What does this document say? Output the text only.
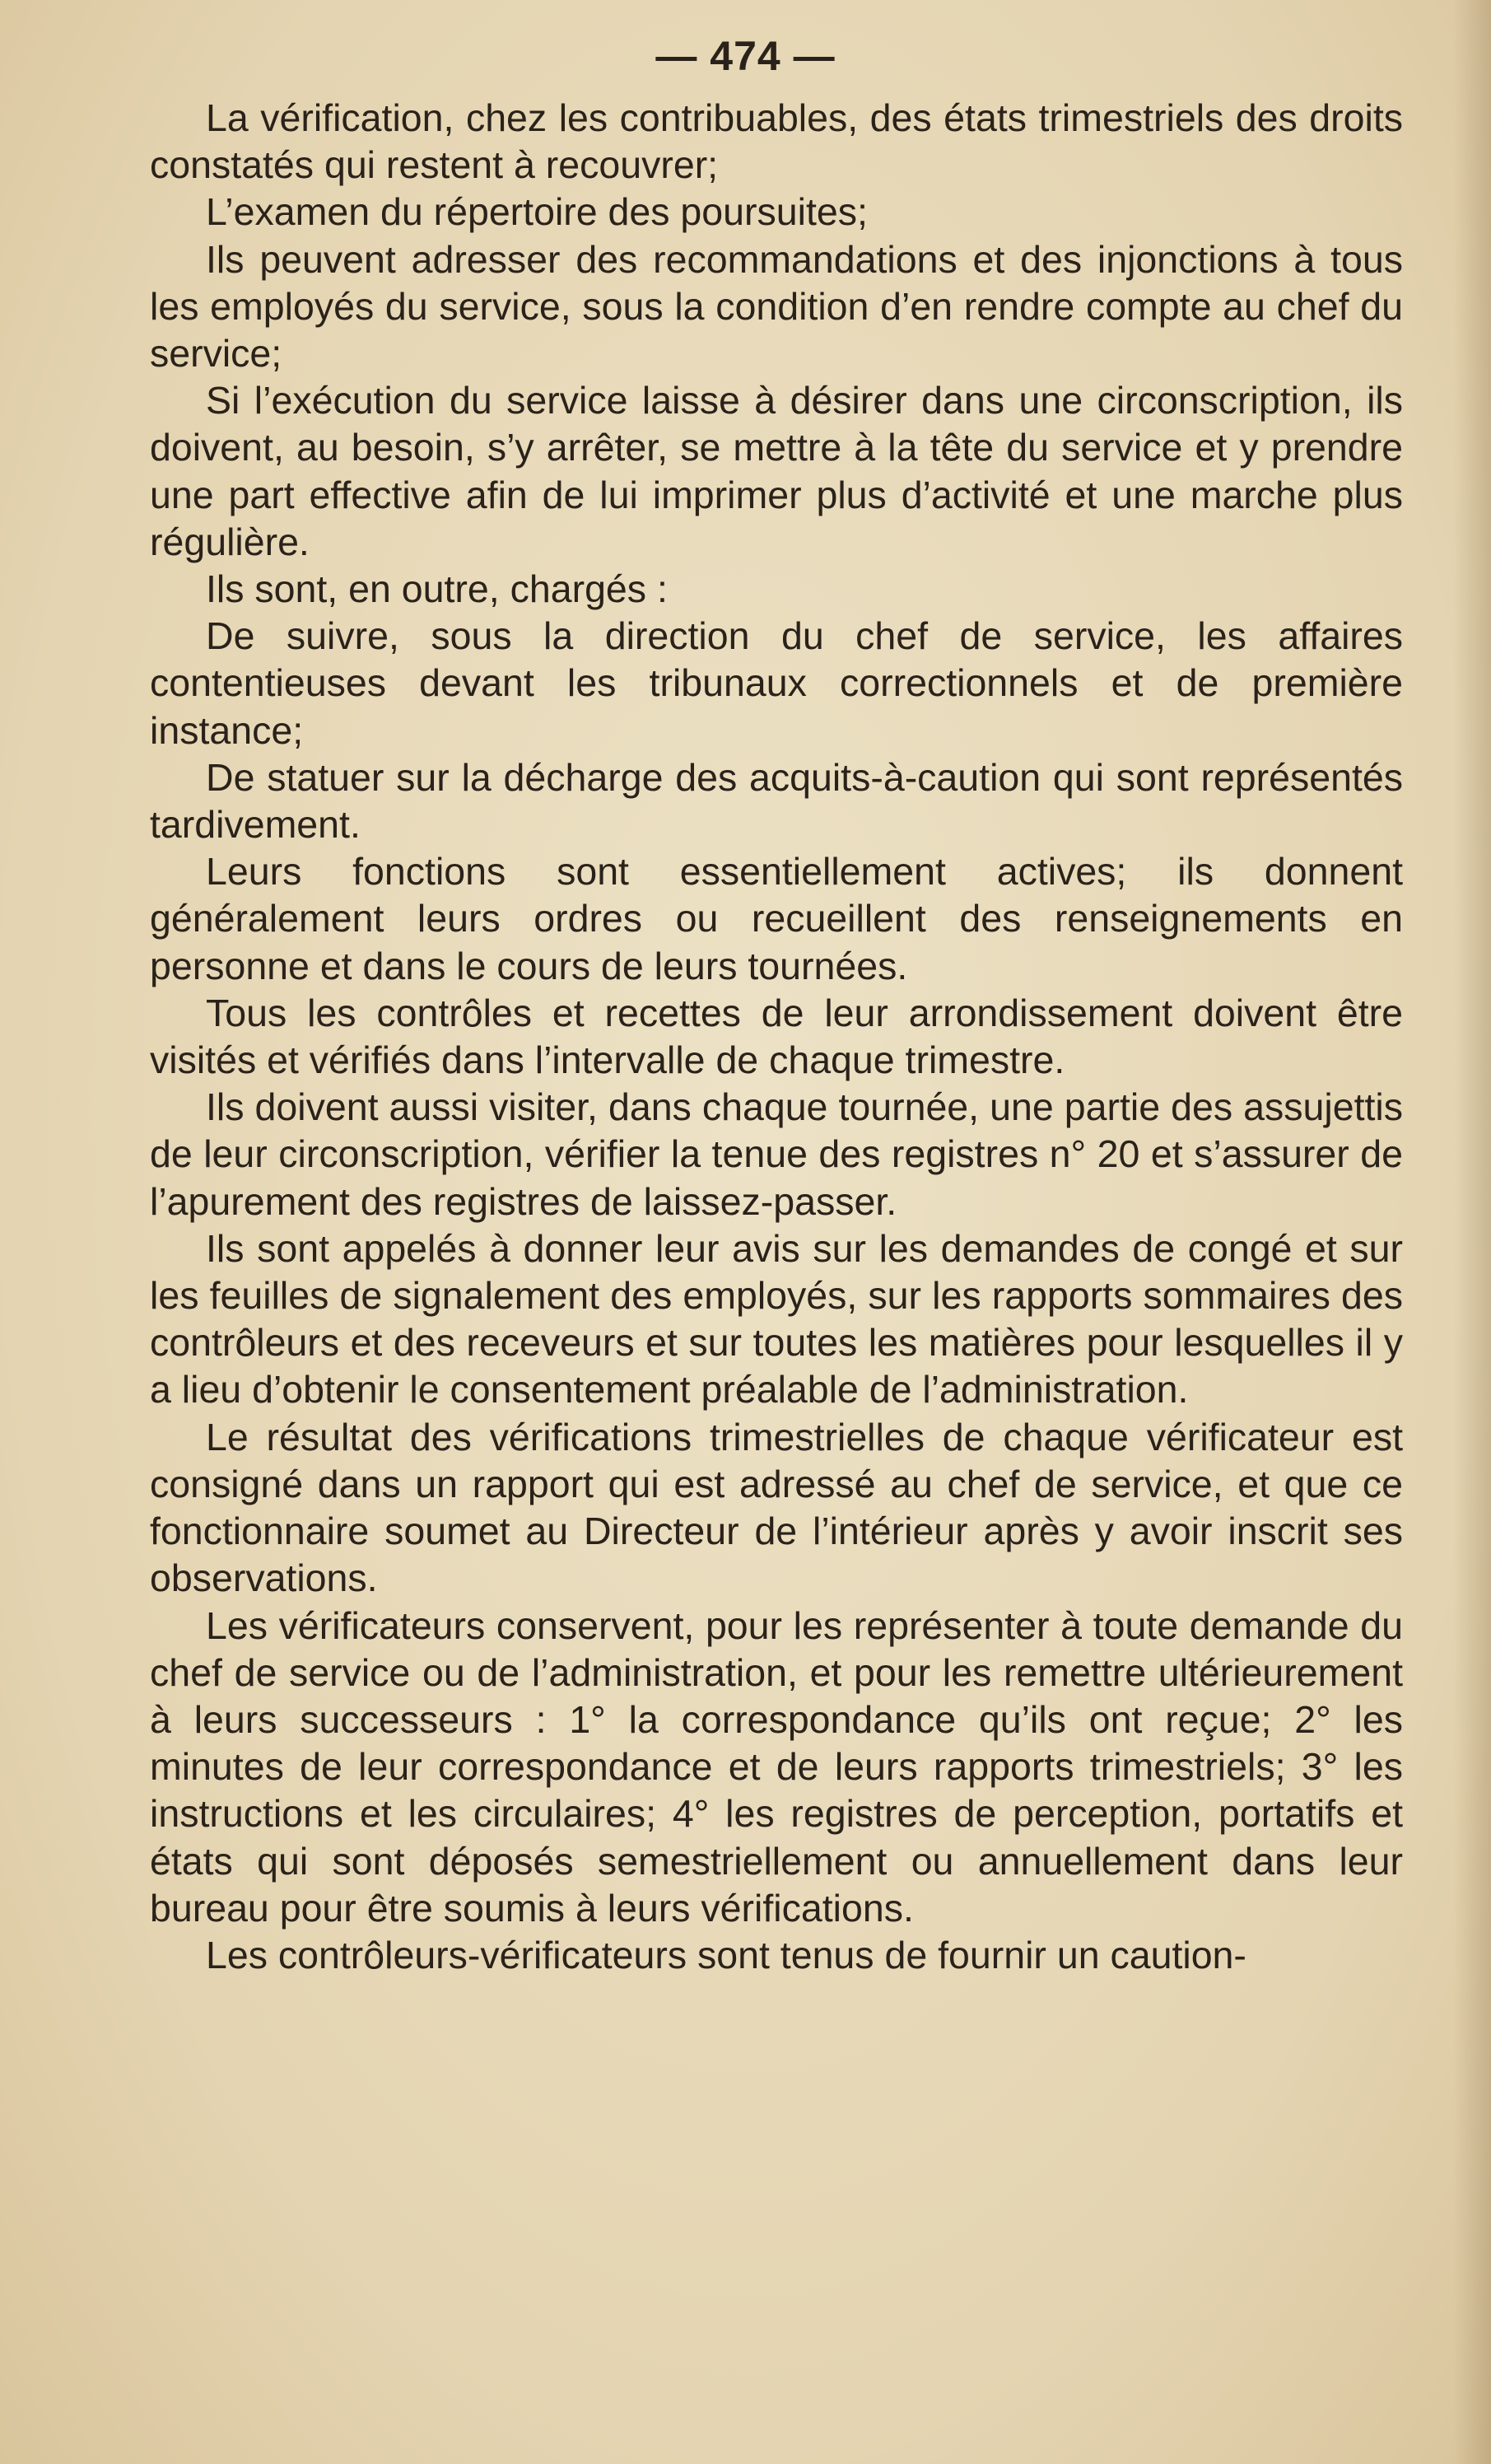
— 474 —

La vérification, chez les contribuables, des états trimestriels des droits constatés qui restent à recouvrer;

L’examen du répertoire des poursuites;

Ils peuvent adresser des recommandations et des injonctions à tous les employés du service, sous la condition d’en rendre compte au chef du service;

Si l’exécution du service laisse à désirer dans une circonscription, ils doivent, au besoin, s’y arrêter, se mettre à la tête du service et y prendre une part effective afin de lui imprimer plus d’activité et une marche plus régulière.

Ils sont, en outre, chargés :

De suivre, sous la direction du chef de service, les affaires contentieuses devant les tribunaux correctionnels et de première instance;

De statuer sur la décharge des acquits-à-caution qui sont représentés tardivement.

Leurs fonctions sont essentiellement actives; ils donnent généralement leurs ordres ou recueillent des renseignements en personne et dans le cours de leurs tournées.

Tous les contrôles et recettes de leur arrondissement doivent être visités et vérifiés dans l’intervalle de chaque trimestre.

Ils doivent aussi visiter, dans chaque tournée, une partie des assujettis de leur circonscription, vérifier la tenue des registres n° 20 et s’assurer de l’apurement des registres de laissez-passer.

Ils sont appelés à donner leur avis sur les demandes de congé et sur les feuilles de signalement des employés, sur les rapports sommaires des contrôleurs et des receveurs et sur toutes les matières pour lesquelles il y a lieu d’obtenir le consentement préalable de l’administration.

Le résultat des vérifications trimestrielles de chaque vérificateur est consigné dans un rapport qui est adressé au chef de service, et que ce fonctionnaire soumet au Directeur de l’intérieur après y avoir inscrit ses observations.

Les vérificateurs conservent, pour les représenter à toute demande du chef de service ou de l’administration, et pour les remettre ultérieurement à leurs successeurs : 1° la correspondance qu’ils ont reçue; 2° les minutes de leur correspondance et de leurs rapports trimestriels; 3° les instructions et les circulaires; 4° les registres de perception, portatifs et états qui sont déposés semestriellement ou annuellement dans leur bureau pour être soumis à leurs vérifications.

Les contrôleurs-vérificateurs sont tenus de fournir un caution-
